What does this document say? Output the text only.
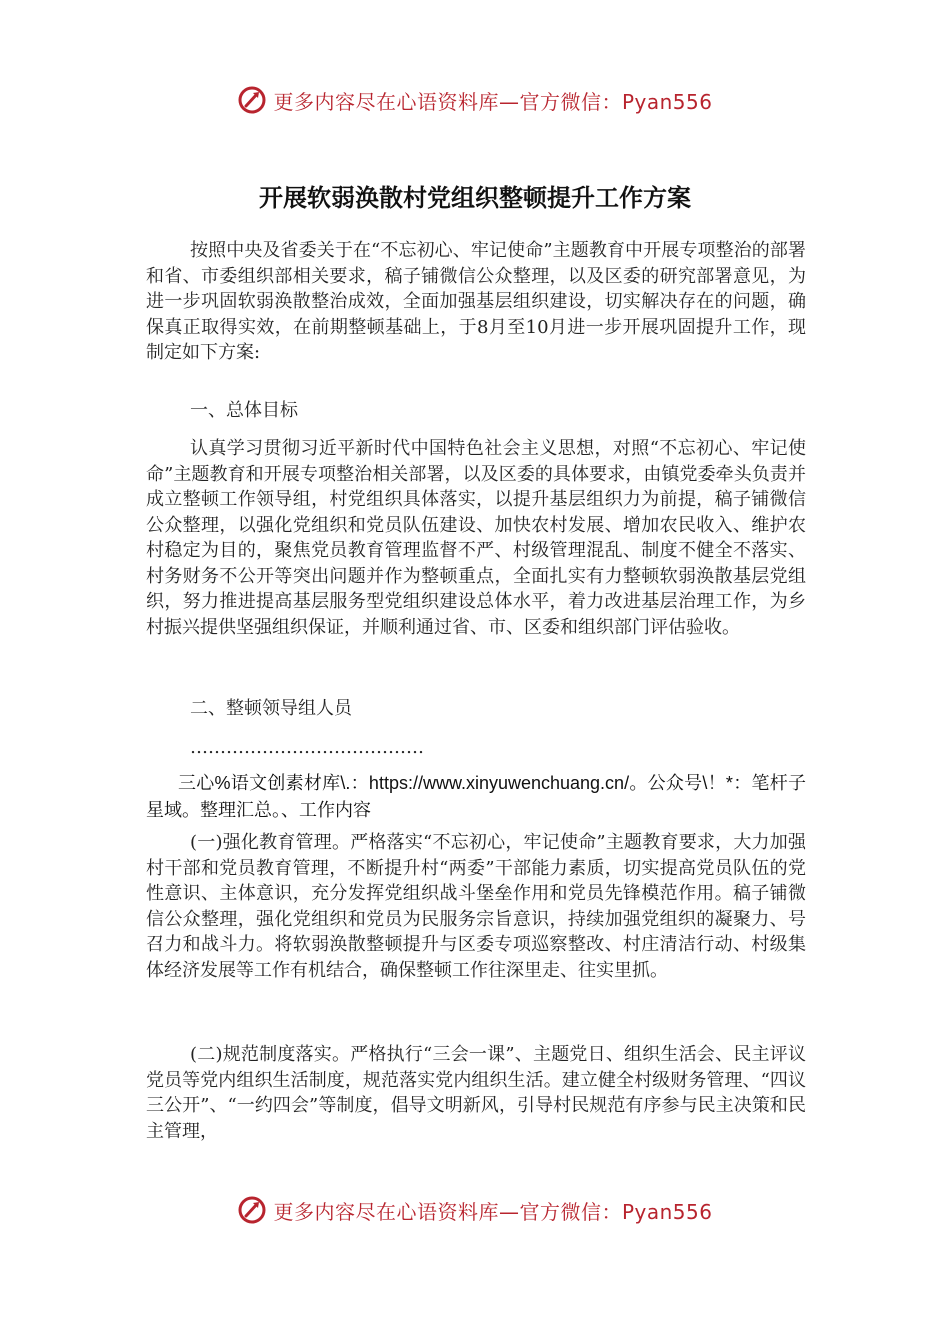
更多内容尽在心语资料库—官方微信：Pyan556
开展软弱涣散村党组织整顿提升工作方案

按照中央及省委关于在“不忘初心、牢记使命”主题教育中开展专项整治的部署和省、市委组织部相关要求，稿子铺微信公众整理，以及区委的研究部署意见，为进一步巩固软弱涣散整治成效，全面加强基层组织建设，切实解决存在的问题，确保真正取得实效，在前期整顿基础上，于8月至10月进一步开展巩固提升工作，现制定如下方案:

一、总体目标

认真学习贯彻习近平新时代中国特色社会主义思想，对照“不忘初心、牢记使命”主题教育和开展专项整治相关部署，以及区委的具体要求，由镇党委牵头负责并成立整顿工作领导组，村党组织具体落实，以提升基层组织力为前提，稿子铺微信公众整理，以强化党组织和党员队伍建设、加快农村发展、增加农民收入、维护农村稳定为目的，聚焦党员教育管理监督不严、村级管理混乱、制度不健全不落实、村务财务不公开等突出问题并作为整顿重点，全面扎实有力整顿软弱涣散基层党组织，努力推进提高基层服务型党组织建设总体水平，着力改进基层治理工作，为乡村振兴提供坚强组织保证，并顺利通过省、市、区委和组织部门评估验收。

二、整顿领导组人员

…………………………………

三心%语文创素材库\.：https://www.xinyuwenchuang.cn/。公众号\！*：笔杆子星域。整理汇总。、工作内容

(一)强化教育管理。严格落实“不忘初心，牢记使命”主题教育要求，大力加强村干部和党员教育管理，不断提升村“两委”干部能力素质，切实提高党员队伍的党性意识、主体意识，充分发挥党组织战斗堡垒作用和党员先锋模范作用。稿子铺微信公众整理，强化党组织和党员为民服务宗旨意识，持续加强党组织的凝聚力、号召力和战斗力。将软弱涣散整顿提升与区委专项巡察整改、村庄清洁行动、村级集体经济发展等工作有机结合，确保整顿工作往深里走、往实里抓。

(二)规范制度落实。严格执行“三会一课”、主题党日、组织生活会、民主评议党员等党内组织生活制度，规范落实党内组织生活。建立健全村级财务管理、“四议三公开”、“一约四会”等制度，倡导文明新风，引导村民规范有序参与民主决策和民主管理，

更多内容尽在心语资料库—官方微信：Pyan556
